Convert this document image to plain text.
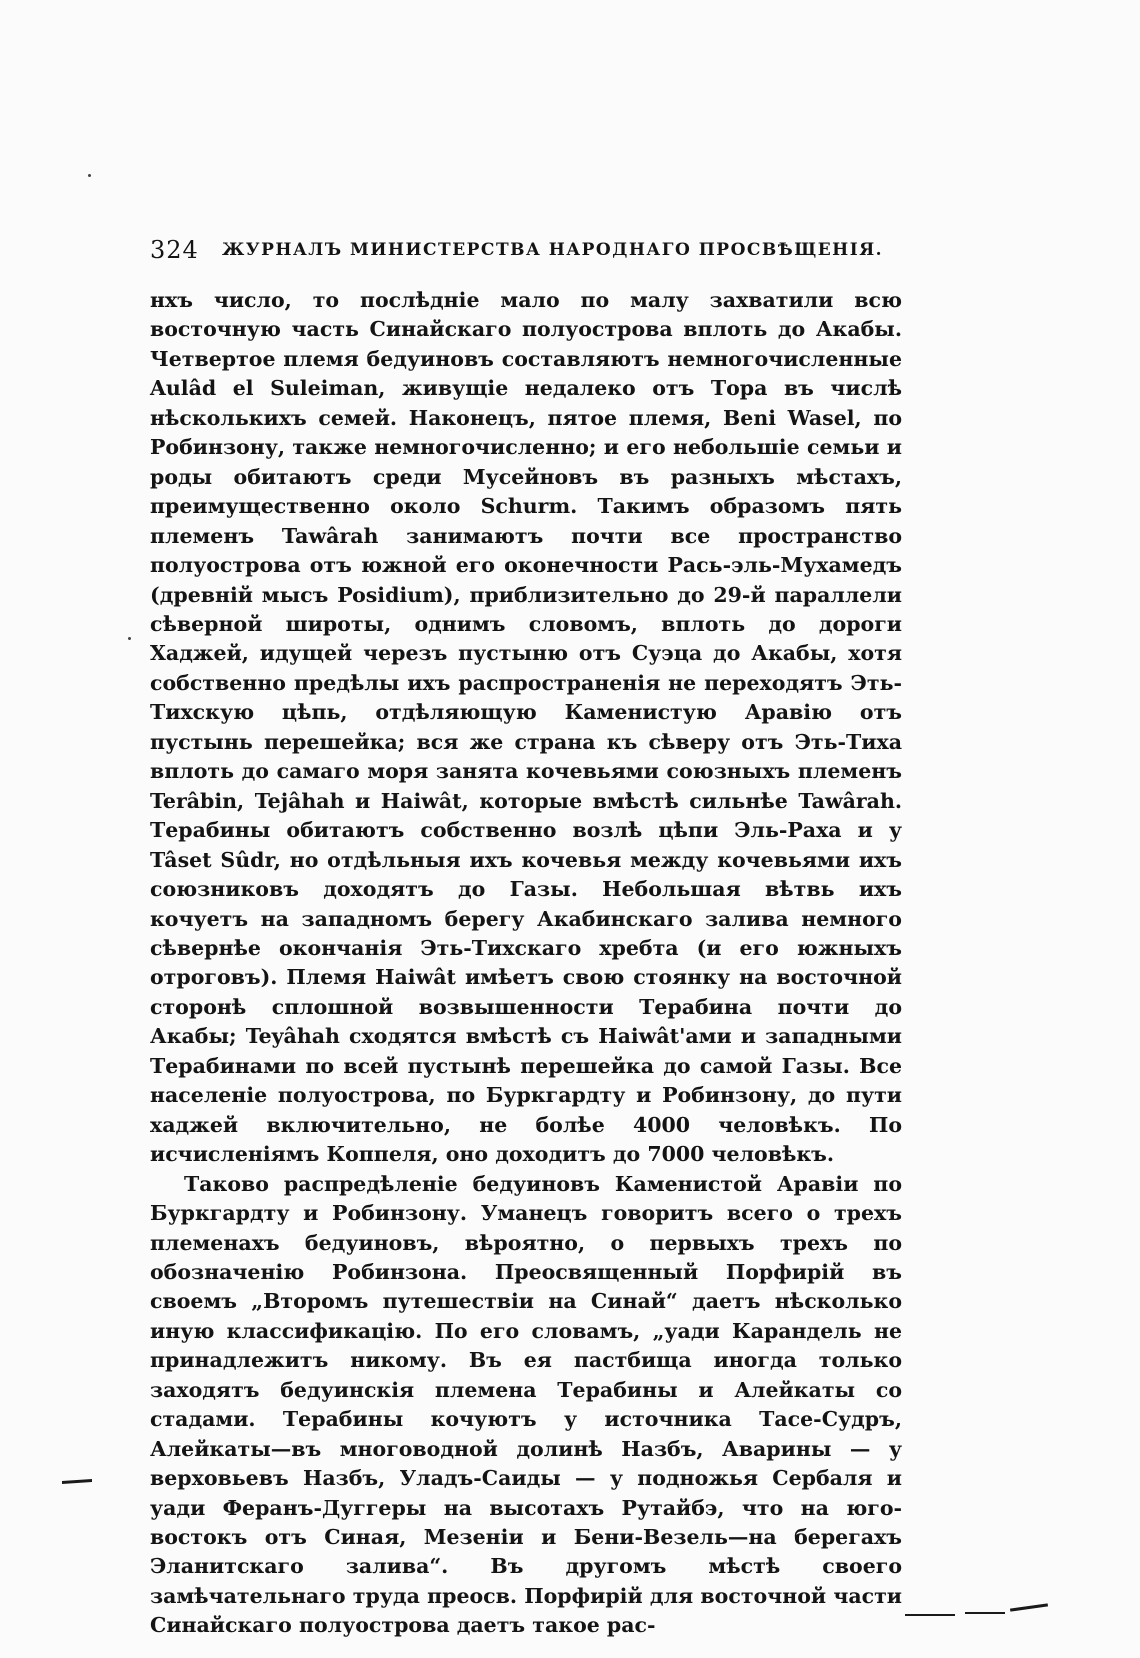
324 ЖУРНАЛЪ МИНИСТЕРСТВА НАРОДНАГО ПРОСВѢЩЕНІЯ.

нхъ число, то послѣдніе мало по малу захватили всю восточную часть Синайскаго полуострова вплоть до Акабы. Четвертое племя бедуиновъ составляютъ немногочисленные Aulâd el Suleiman, живущіе недалеко отъ Тора въ числѣ нѣсколькихъ семей. Наконецъ, пятое племя, Beni Wasel, по Робинзону, также немногочисленно; и его небольшіе семьи и роды обитаютъ среди Мусейновъ въ разныхъ мѣстахъ, преимущественно около Schurm. Такимъ образомъ пять племенъ Tawârah занимаютъ почти все пространство полуострова отъ южной его оконечности Рась-эль-Мухамедъ (древній мысъ Posidium), приблизительно до 29-й параллели сѣверной широты, однимъ словомъ, вплоть до дороги Хаджей, идущей черезъ пустыню отъ Суэца до Акабы, хотя собственно предѣлы ихъ распространенія не переходятъ Эть-Тихскую цѣпь, отдѣляющую Каменистую Аравію отъ пустынь перешейка; вся же страна къ сѣверу отъ Эть-Тиха вплоть до самаго моря занята кочевьями союзныхъ племенъ Terâbin, Tejâhah и Haiwât, которые вмѣстѣ сильнѣе Tawârah. Терабины обитаютъ собственно возлѣ цѣпи Эль-Раха и у Tâset Sûdr, но отдѣльныя ихъ кочевья между кочевьями ихъ союзниковъ доходятъ до Газы. Небольшая вѣтвь ихъ кочуетъ на западномъ берегу Акабинскаго залива немного сѣвернѣе окончанія Эть-Тихскаго хребта (и его южныхъ отроговъ). Племя Haiwât имѣетъ свою стоянку на восточной сторонѣ сплошной возвышенности Терабина почти до Акабы; Teyâhah сходятся вмѣстѣ съ Haiwât'ами и западными Терабинами по всей пустынѣ перешейка до самой Газы. Все населеніе полуострова, по Буркгардту и Робинзону, до пути хаджей включительно, не болѣе 4000 человѣкъ. По исчисленіямъ Коппеля, оно доходитъ до 7000 человѣкъ.

Таково распредѣленіе бедуиновъ Каменистой Аравіи по Буркгардту и Робинзону. Уманецъ говоритъ всего о трехъ племенахъ бедуиновъ, вѣроятно, о первыхъ трехъ по обозначенію Робинзона. Преосвященный Порфирій въ своемъ „Второмъ путешествіи на Синай“ даетъ нѣсколько иную классификацію. По его словамъ, „уади Карандель не принадлежитъ никому. Въ ея пастбища иногда только заходятъ бедуинскія племена Терабины и Алейкаты со стадами. Терабины кочуютъ у источника Тасе-Судръ, Алейкаты—въ многоводной долинѣ Назбъ, Аварины — у верховьевъ Назбъ, Уладъ-Саиды — у подножья Сербаля и уади Феранъ-Дуггеры на высотахъ Рутайбэ, что на юго-востокъ отъ Синая, Мезеніи и Бени-Везель—на берегахъ Эланитскаго залива“. Въ другомъ мѣстѣ своего замѣчательнаго труда преосв. Порфирій для восточной части Синайскаго полуострова даетъ такое рас-
